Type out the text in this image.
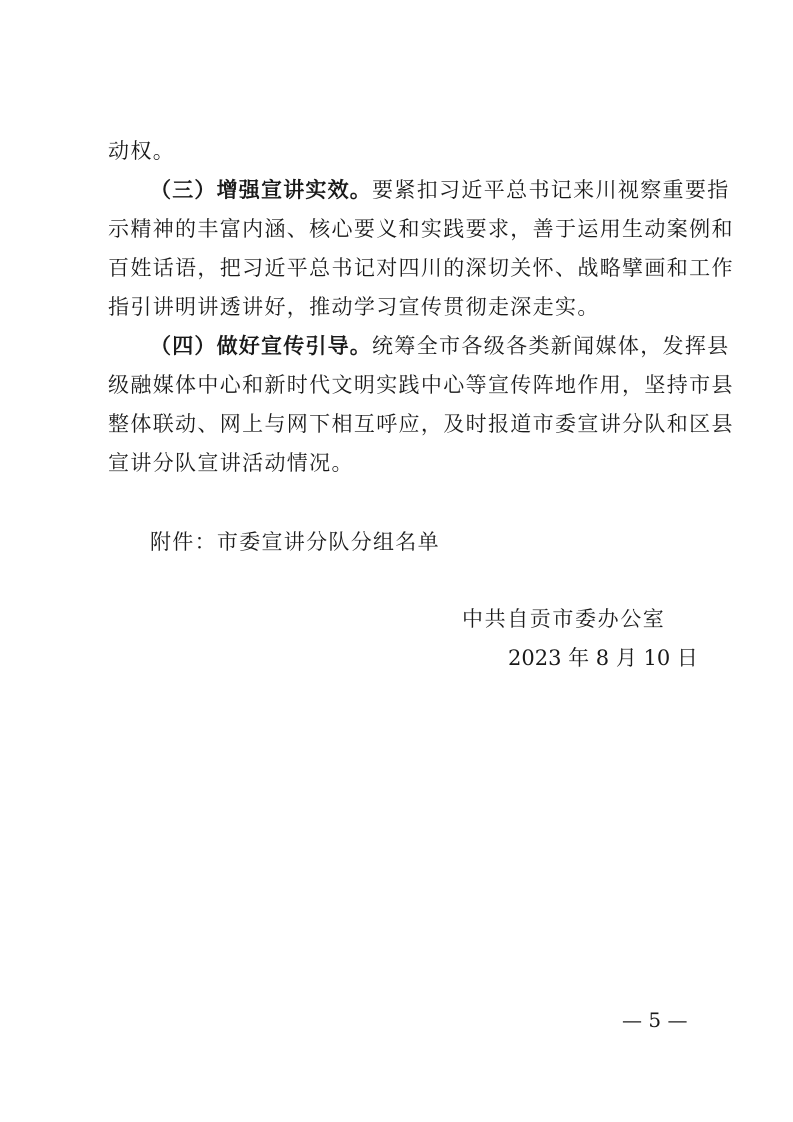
动权。
（三）增强宣讲实效。要紧扣习近平总书记来川视察重要指
示精神的丰富内涵、核心要义和实践要求，善于运用生动案例和
百姓话语，把习近平总书记对四川的深切关怀、战略擘画和工作
指引讲明讲透讲好，推动学习宣传贯彻走深走实。
（四）做好宣传引导。统筹全市各级各类新闻媒体，发挥县
级融媒体中心和新时代文明实践中心等宣传阵地作用，坚持市县
整体联动、网上与网下相互呼应，及时报道市委宣讲分队和区县
宣讲分队宣讲活动情况。
附件：市委宣讲分队分组名单
中共自贡市委办公室
2023 年 8 月 10 日
— 5 —
